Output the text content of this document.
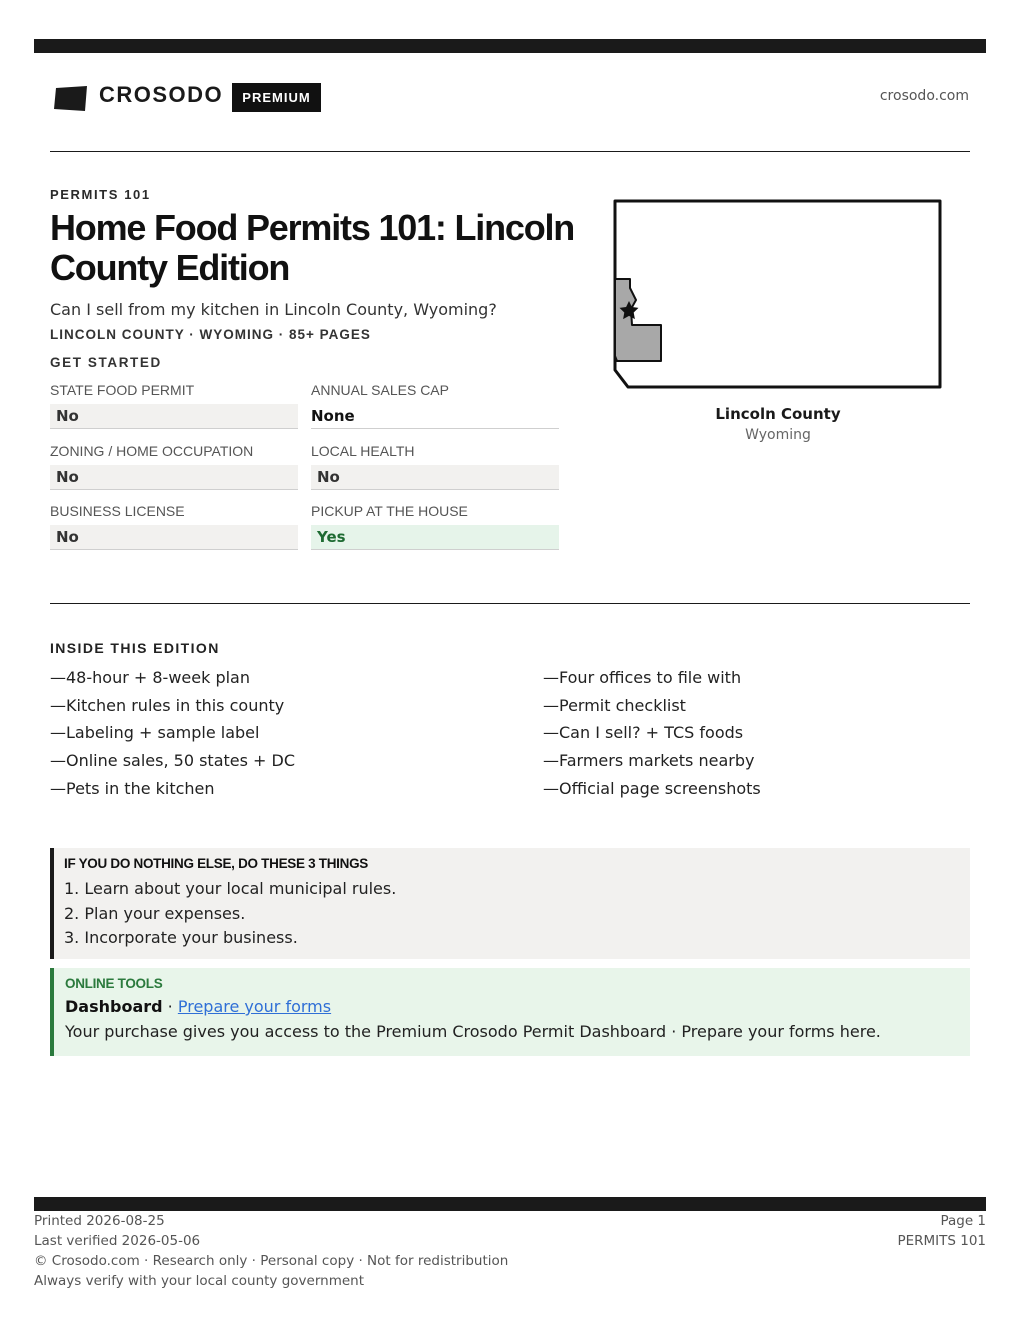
CROSODO	PREMIUM	crosodo.com
PERMITS 101
Home Food Permits 101: Lincoln County Edition
Can I sell from my kitchen in Lincoln County, Wyoming?
LINCOLN COUNTY · WYOMING · 85+ PAGES
GET STARTED
STATE FOOD PERMIT
No
ANNUAL SALES CAP
None
ZONING / HOME OCCUPATION
No
LOCAL HEALTH
No
BUSINESS LICENSE
No
PICKUP AT THE HOUSE
Yes
Lincoln County
Wyoming
INSIDE THIS EDITION
—48-hour + 8-week plan
—Kitchen rules in this county
—Labeling + sample label
—Online sales, 50 states + DC
—Pets in the kitchen
—Four offices to file with
—Permit checklist
—Can I sell? + TCS foods
—Farmers markets nearby
—Official page screenshots
IF YOU DO NOTHING ELSE, DO THESE 3 THINGS
1. Learn about your local municipal rules.
2. Plan your expenses.
3. Incorporate your business.
ONLINE TOOLS
Dashboard · Prepare your forms
Your purchase gives you access to the Premium Crosodo Permit Dashboard · Prepare your forms here.
Printed 2026-08-25
Last verified 2026-05-06
© Crosodo.com · Research only · Personal copy · Not for redistribution
Always verify with your local county government
Page 1
PERMITS 101
